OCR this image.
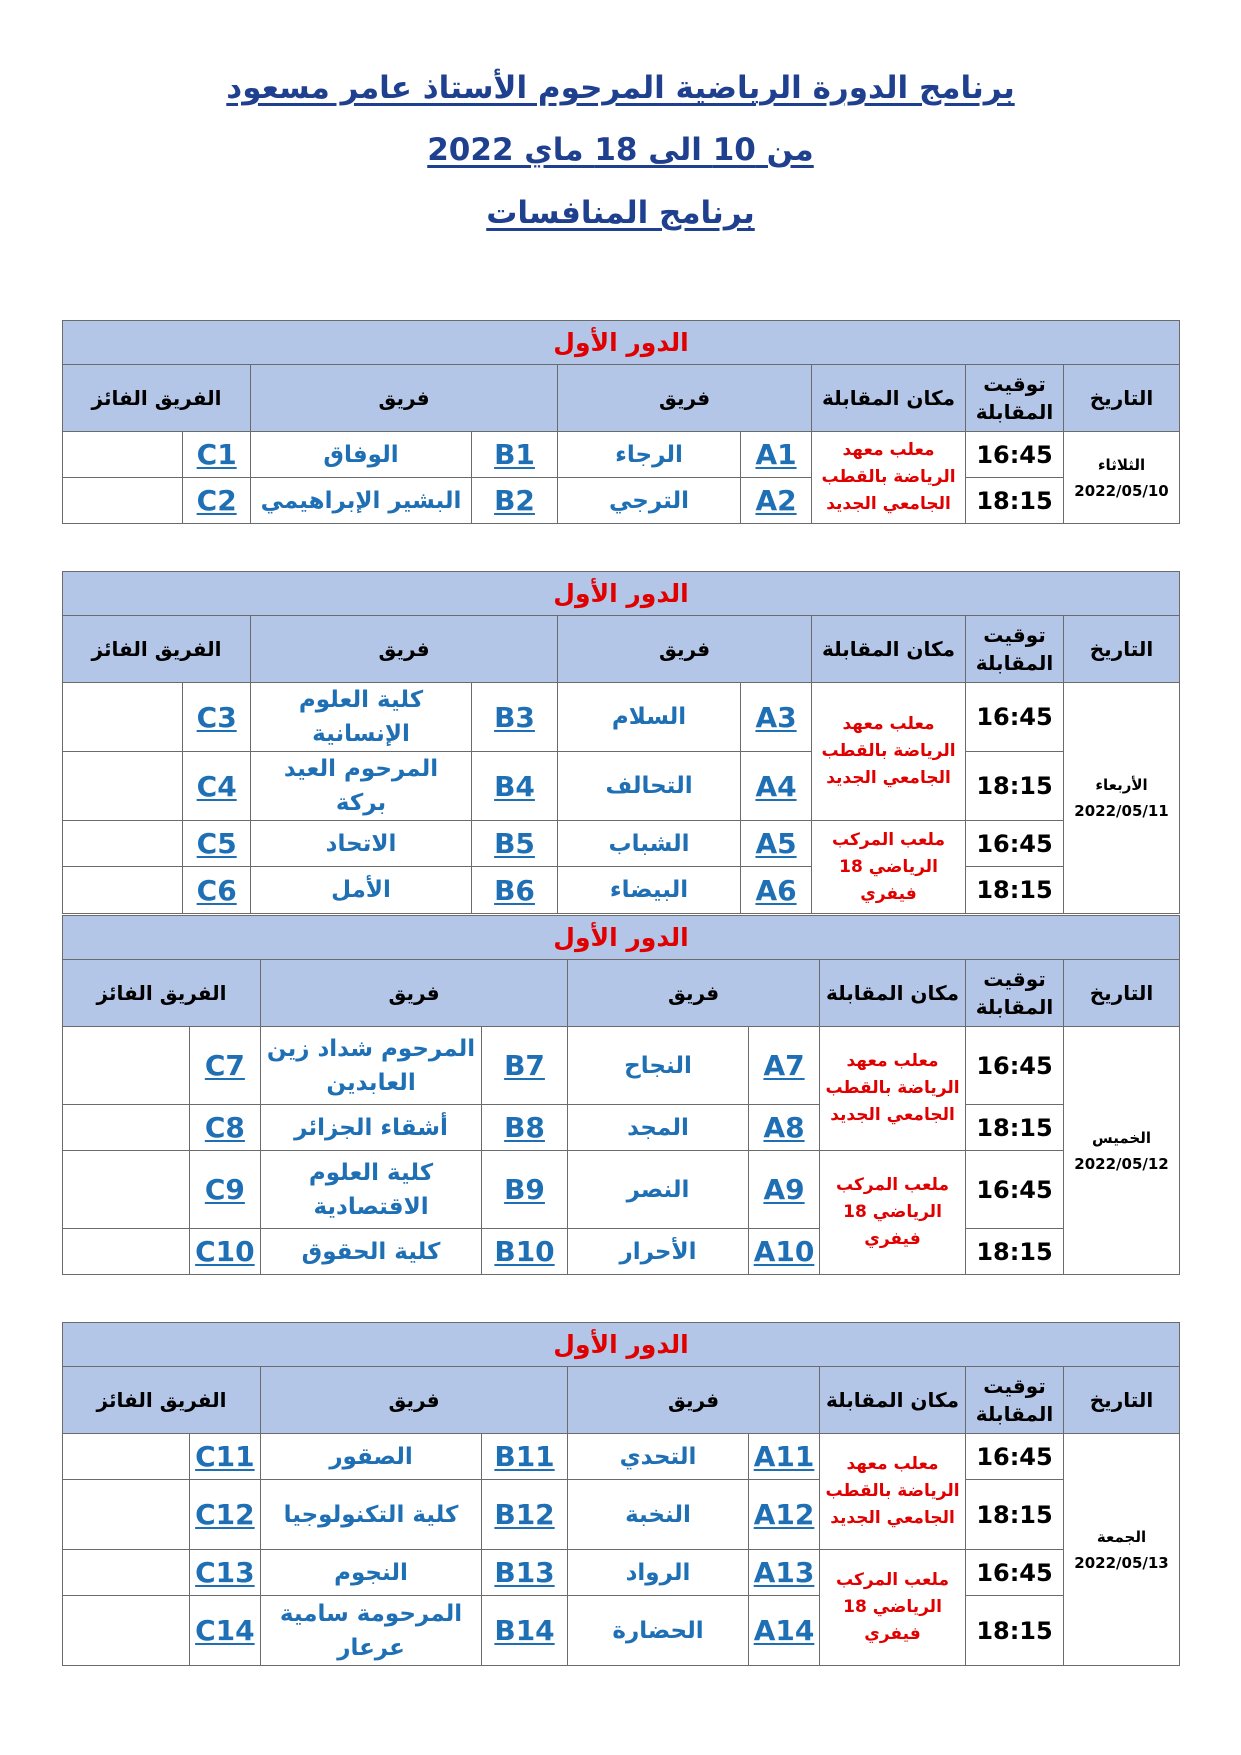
برنامج الدورة الرياضية المرحوم الأستاذ عامر مسعود
من 10 الى 18 ماي 2022
برنامج المنافسات
الدور الأول								
التاريخ	توقيت
المقابلة	مكان المقابلة	فريق		فريق		الفريق الفائز	

الثلاثاء
2022/05/10	16:45	معلب معهد الرياضة بالقطب الجامعي الجديد	A1	الرجاء	B1	الوفاق	C1	
	18:15		A2	الترجي	B2	البشير الإبراهيمي	C2	
الدور الأول								
التاريخ	توقيت
المقابلة	مكان المقابلة	فريق		فريق		الفريق الفائز	

الأربعاء
2022/05/11	16:45	معلب معهد الرياضة بالقطب الجامعي الجديد	A3	السلام	B3	كلية العلوم الإنسانية	C3	
	18:15		A4	التحالف	B4	المرحوم العيد بركة	C4	
	16:45	ملعب المركب الرياضي 18 فيفري	A5	الشباب	B5	الاتحاد	C5	
	18:15		A6	البيضاء	B6	الأمل	C6	
الدور الأول								
التاريخ	توقيت
المقابلة	مكان المقابلة	فريق		فريق		الفريق الفائز	

الخميس
2022/05/12	16:45	معلب معهد الرياضة بالقطب الجامعي الجديد	A7	النجاح	B7	المرحوم شداد زين العابدين	C7	
	18:15		A8	المجد	B8	أشقاء الجزائر	C8	
	16:45	ملعب المركب الرياضي 18 فيفري	A9	النصر	B9	كلية العلوم الاقتصادية	C9	
	18:15		A10	الأحرار	B10	كلية الحقوق	C10	
الدور الأول								
التاريخ	توقيت
المقابلة	مكان المقابلة	فريق		فريق		الفريق الفائز	

الجمعة
2022/05/13	16:45	معلب معهد الرياضة بالقطب الجامعي الجديد	A11	التحدي	B11	الصقور	C11	
	18:15		A12	النخبة	B12	كلية التكنولوجيا	C12	
	16:45	ملعب المركب الرياضي 18 فيفري	A13	الرواد	B13	النجوم	C13	
	18:15		A14	الحضارة	B14	المرحومة سامية عرعار	C14	
